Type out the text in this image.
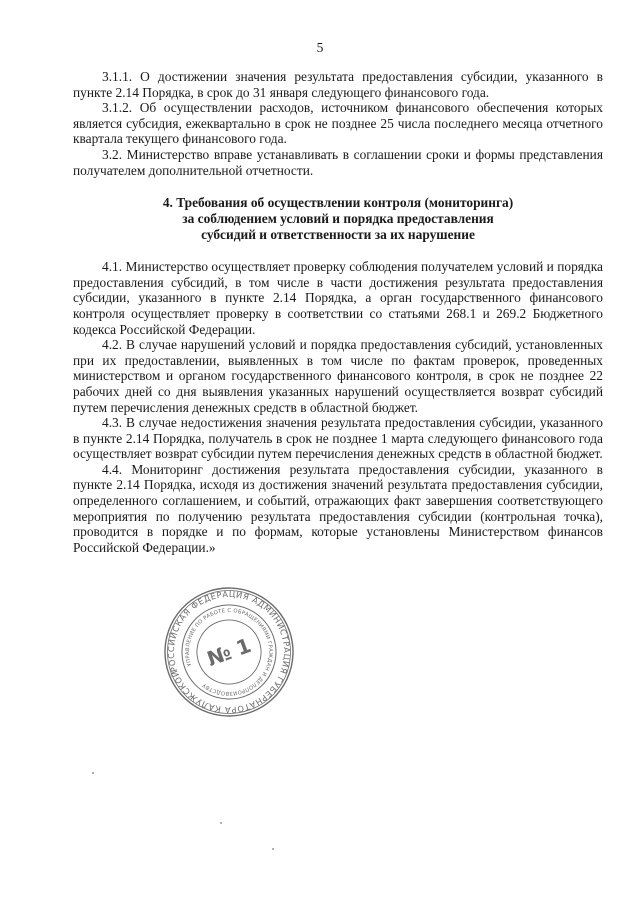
5

3.1.1. О достижении значения результата предоставления субсидии, указанного в пункте 2.14 Порядка, в срок до 31 января следующего финансового года.

3.1.2. Об осуществлении расходов, источником финансового обеспечения которых является субсидия, ежеквартально в срок не позднее 25 числа последнего месяца отчетного квартала текущего финансового года.

3.2. Министерство вправе устанавливать в соглашении сроки и формы представления получателем дополнительной отчетности.

4. Требования об осуществлении контроля (мониторинга)
за соблюдением условий и порядка предоставления
субсидий и ответственности за их нарушение

4.1. Министерство осуществляет проверку соблюдения получателем условий и порядка предоставления субсидий, в том числе в части достижения результата предоставления субсидии, указанного в пункте 2.14 Порядка, а орган государственного финансового контроля осуществляет проверку в соответствии со статьями 268.1 и 269.2 Бюджетного кодекса Российской Федерации.

4.2. В случае нарушений условий и порядка предоставления субсидий, установленных при их предоставлении, выявленных в том числе по фактам проверок, проведенных министерством и органом государственного финансового контроля, в срок не позднее 22 рабочих дней со дня выявления указанных нарушений осуществляется возврат субсидий путем перечисления денежных средств в областной бюджет.

4.3. В случае недостижения значения результата предоставления субсидии, указанного в пункте 2.14 Порядка, получатель в срок не позднее 1 марта следующего финансового года осуществляет возврат субсидии путем перечисления денежных средств в областной бюджет.

4.4. Мониторинг достижения результата предоставления субсидии, указанного в пункте 2.14 Порядка, исходя из достижения значений результата предоставления субсидии, определенного соглашением, и событий, отражающих факт завершения соответствующего мероприятия по получению результата предоставления субсидии (контрольная точка), проводится в порядке и по формам, которые установлены Министерством финансов Российской Федерации.»

РОССИЙСКАЯ ФЕДЕРАЦИЯ АДМИНИСТРАЦИЯ ГУБЕРНАТОРА КАЛУЖСКОЙ
УПРАВЛЕНИЕ ПО РАБОТЕ С ОБРАЩЕНИЯМИ ГРАЖДАН И ДЕЛОПРОИЗВОДСТВУ
№ 1
